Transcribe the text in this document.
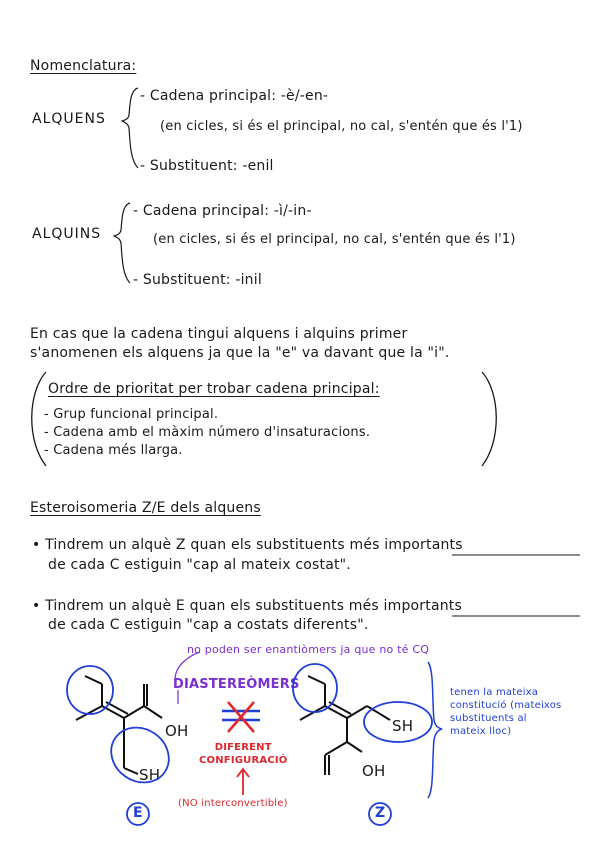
Nomenclatura:
ALQUENS
- Cadena principal: -è/-en-
(en cicles, si és el principal, no cal, s'entén que és l'1)
- Substituent: -enil
ALQUINS
- Cadena principal: -ì/-in-
(en cicles, si és el principal, no cal, s'entén que és l'1)
- Substituent: -inil
En cas que la cadena tingui alquens i alquins primer
s'anomenen els alquens ja que la "e" va davant que la "i".
Ordre de prioritat per trobar cadena principal:
- Grup funcional principal.
- Cadena amb el màxim número d'insaturacions.
- Cadena més llarga.
Esteroisomeria Z/E dels alquens
• Tindrem un alquè Z quan els substituents més importants
de cada C estiguin "cap al mateix costat".
• Tindrem un alquè E quan els substituents més importants
de cada C estiguin "cap a costats diferents".
no poden ser enantiòmers ja que no té CQ
DIASTEREÒMERS
DIFERENT
CONFIGURACIÓ
(NO interconvertible)
tenen la mateixa
constitució (mateixos
substituents al
mateix lloc)
OH
SH
SH
OH
E	Z
